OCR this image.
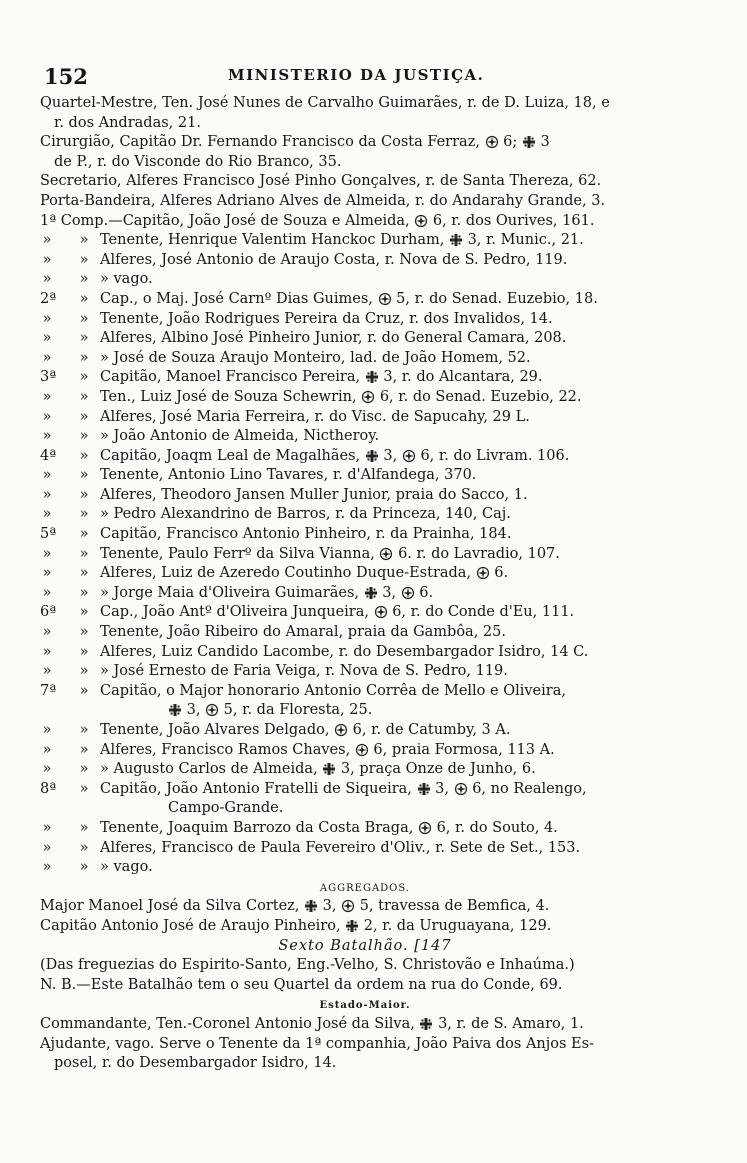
152	MINISTERIO DA JUSTIÇA.
Quartel-Mestre, Ten. José Nunes de Carvalho Guimarães, r. de D. Luiza, 18, e
r. dos Andradas, 21.
Cirurgião, Capitão Dr. Fernando Francisco da Costa Ferraz, 6; 3
de P., r. do Visconde do Rio Branco, 35.
Secretario, Alferes Francisco José Pinho Gonçalves, r. de Santa Thereza, 62.
Porta-Bandeira, Alferes Adriano Alves de Almeida, r. do Andarahy Grande, 3.
1ª Comp.—Capitão, João José de Souza e Almeida, 6, r. dos Ourives, 161.
» » Tenente, Henrique Valentim Hanckoc Durham, 3, r. Munic., 21.
» » Alferes, José Antonio de Araujo Costa, r. Nova de S. Pedro, 119.
» » » vago.
2ª » Cap., o Maj. José Carnº Dias Guimes, 5, r. do Senad. Euzebio, 18.
» » Tenente, João Rodrigues Pereira da Cruz, r. dos Invalidos, 14.
» » Alferes, Albino José Pinheiro Junior, r. do General Camara, 208.
» » » José de Souza Araujo Monteiro, lad. de João Homem, 52.
3ª » Capitão, Manoel Francisco Pereira, 3, r. do Alcantara, 29.
» » Ten., Luiz José de Souza Schewrin, 6, r. do Senad. Euzebio, 22.
» » Alferes, José Maria Ferreira, r. do Visc. de Sapucahy, 29 L.
» » » João Antonio de Almeida, Nictheroy.
4ª » Capitão, Joaqm Leal de Magalhães, 3, 6, r. do Livram. 106.
» » Tenente, Antonio Lino Tavares, r. d'Alfandega, 370.
» » Alferes, Theodoro Jansen Muller Junior, praia do Sacco, 1.
» » » Pedro Alexandrino de Barros, r. da Princeza, 140, Caj.
5ª » Capitão, Francisco Antonio Pinheiro, r. da Prainha, 184.
» » Tenente, Paulo Ferrº da Silva Vianna, 6. r. do Lavradio, 107.
» » Alferes, Luiz de Azeredo Coutinho Duque-Estrada, 6.
» » » Jorge Maia d'Oliveira Guimarães, 3, 6.
6ª » Cap., João Antº d'Oliveira Junqueira, 6, r. do Conde d'Eu, 111.
» » Tenente, João Ribeiro do Amaral, praia da Gambôa, 25.
» » Alferes, Luiz Candido Lacombe, r. do Desembargador Isidro, 14 C.
» » » José Ernesto de Faria Veiga, r. Nova de S. Pedro, 119.
7ª » Capitão, o Major honorario Antonio Corrêa de Mello e Oliveira,
3, 5, r. da Floresta, 25.
» » Tenente, João Alvares Delgado, 6, r. de Catumby, 3 A.
» » Alferes, Francisco Ramos Chaves, 6, praia Formosa, 113 A.
» » » Augusto Carlos de Almeida, 3, praça Onze de Junho, 6.
8ª » Capitão, João Antonio Fratelli de Siqueira, 3, 6, no Realengo,
Campo-Grande.
» » Tenente, Joaquim Barrozo da Costa Braga, 6, r. do Souto, 4.
» » Alferes, Francisco de Paula Fevereiro d'Oliv., r. Sete de Set., 153.
» » » vago.
AGGREGADOS.
Major Manoel José da Silva Cortez, 3, 5, travessa de Bemfica, 4.
Capitão Antonio José de Araujo Pinheiro, 2, r. da Uruguayana, 129.
Sexto Batalhão. [147
(Das freguezias do Espirito-Santo, Eng.-Velho, S. Christovão e Inhaúma.)
N. B.—Este Batalhão tem o seu Quartel da ordem na rua do Conde, 69.
Estado-Maior.
Commandante, Ten.-Coronel Antonio José da Silva, 3, r. de S. Amaro, 1.
Ajudante, vago. Serve o Tenente da 1ª companhia, João Paiva dos Anjos Es-
posel, r. do Desembargador Isidro, 14.
